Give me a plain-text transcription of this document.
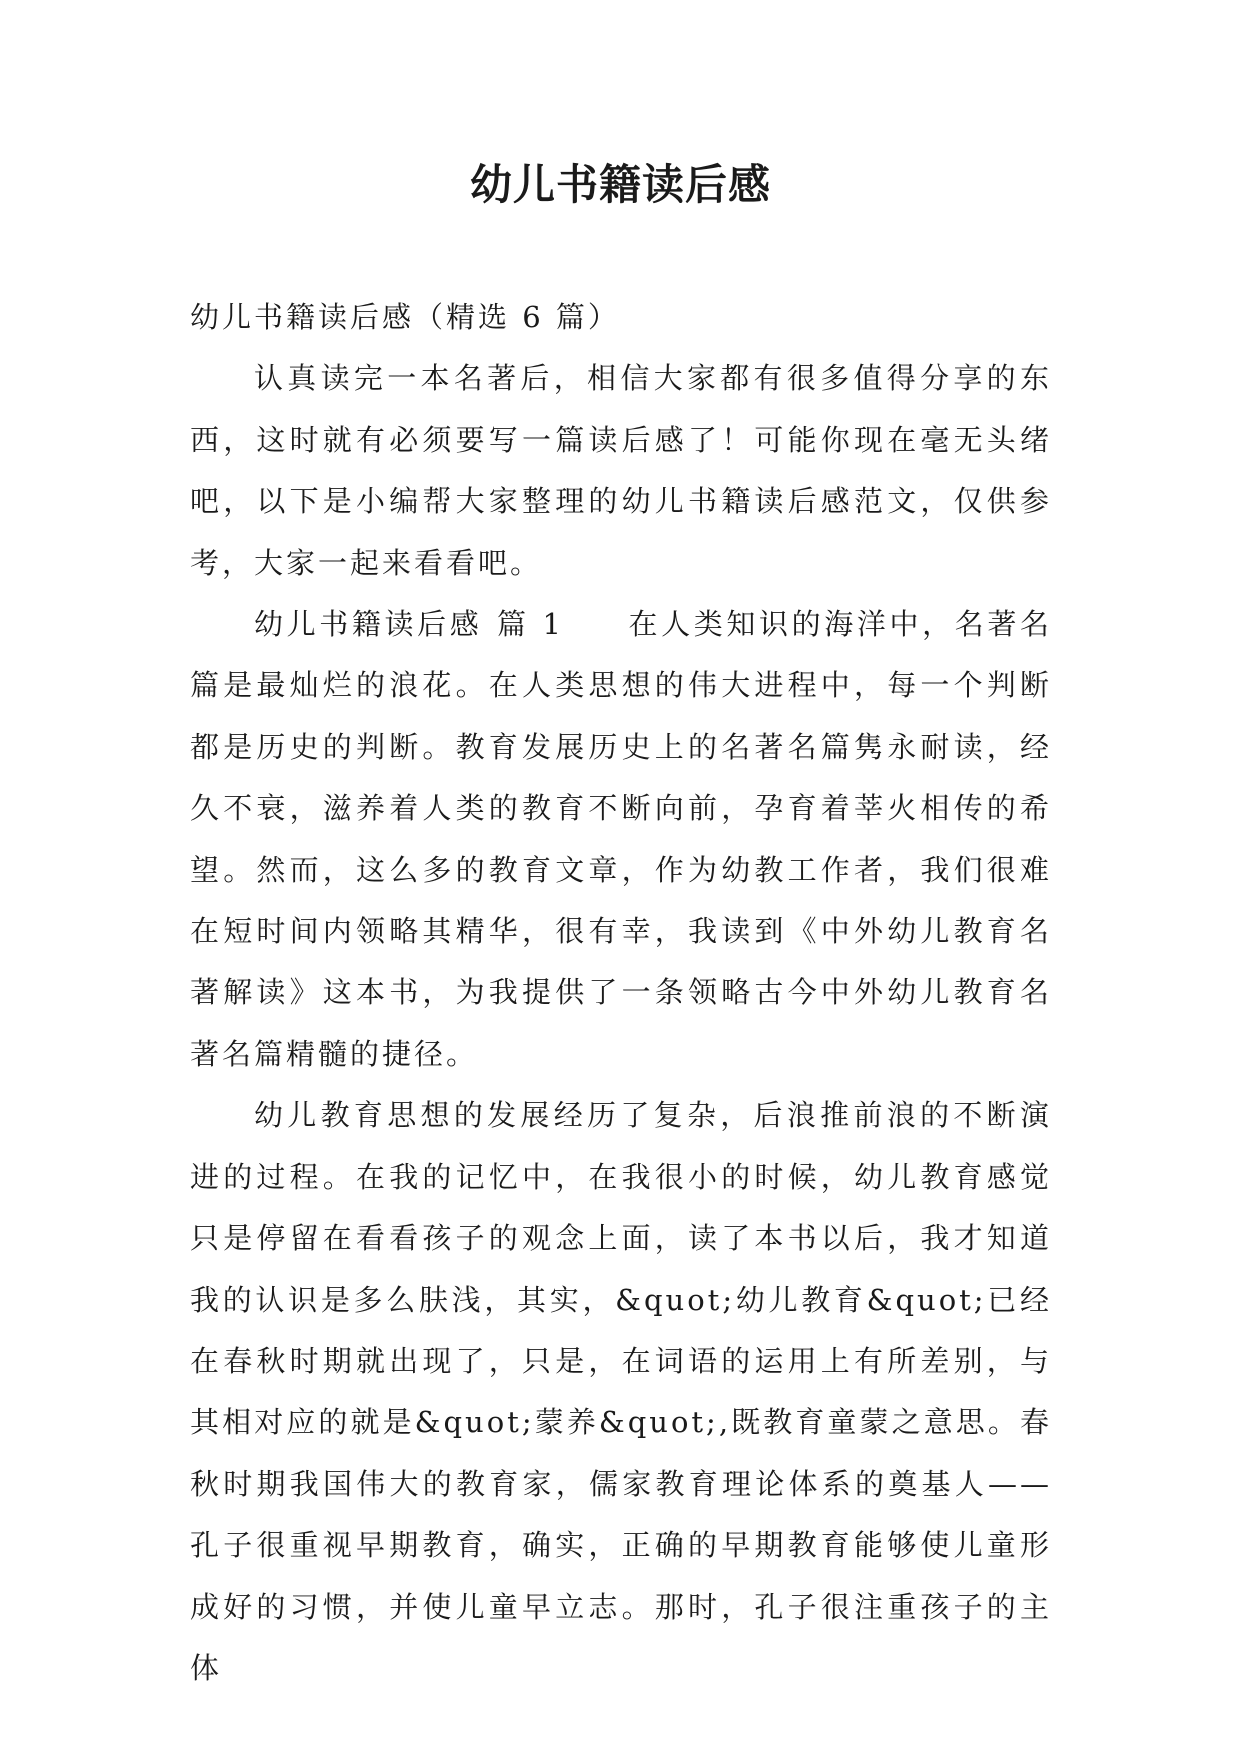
幼儿书籍读后感

幼儿书籍读后感（精选 6 篇）

认真读完一本名著后，相信大家都有很多值得分享的东西，这时就有必须要写一篇读后感了！可能你现在毫无头绪吧，以下是小编帮大家整理的幼儿书籍读后感范文，仅供参考，大家一起来看看吧。

幼儿书籍读后感 篇 1 在人类知识的海洋中，名著名篇是最灿烂的浪花。在人类思想的伟大进程中，每一个判断都是历史的判断。教育发展历史上的名著名篇隽永耐读，经久不衰，滋养着人类的教育不断向前，孕育着莘火相传的希望。然而，这么多的教育文章，作为幼教工作者，我们很难在短时间内领略其精华，很有幸，我读到《中外幼儿教育名著解读》这本书，为我提供了一条领略古今中外幼儿教育名著名篇精髓的捷径。

幼儿教育思想的发展经历了复杂，后浪推前浪的不断演进的过程。在我的记忆中，在我很小的时候，幼儿教育感觉只是停留在看看孩子的观念上面，读了本书以后，我才知道我的认识是多么肤浅，其实，&quot;幼儿教育&quot;已经在春秋时期就出现了，只是，在词语的运用上有所差别，与其相对应的就是&quot;蒙养&quot;,既教育童蒙之意思。春秋时期我国伟大的教育家，儒家教育理论体系的奠基人——孔子很重视早期教育，确实，正确的早期教育能够使儿童形成好的习惯，并使儿童早立志。那时，孔子很注重孩子的主体
